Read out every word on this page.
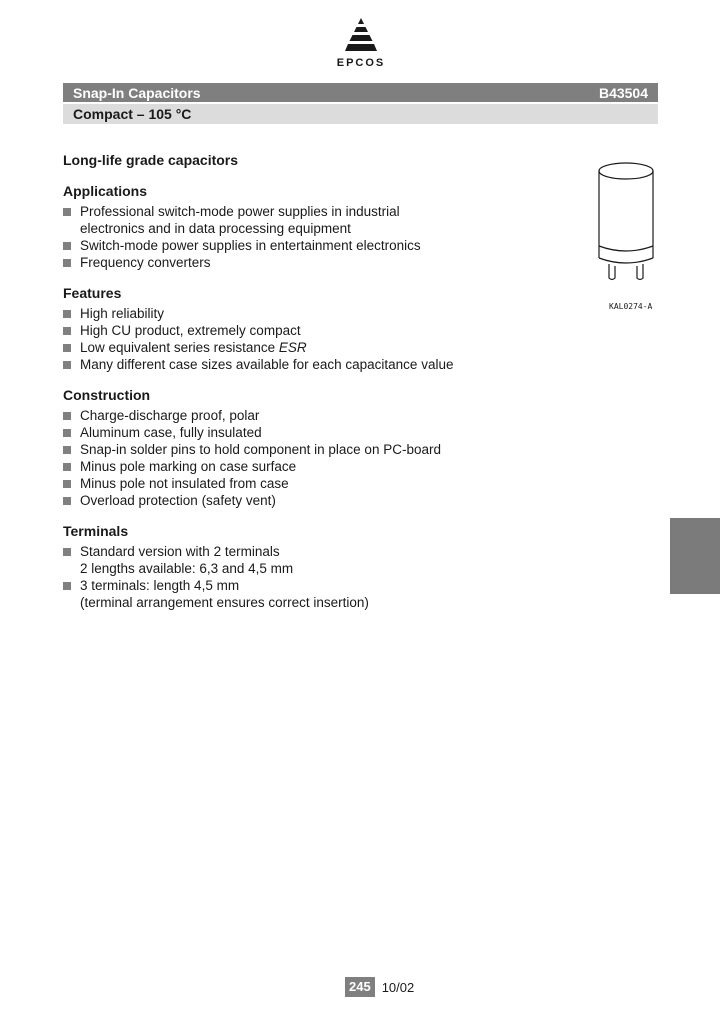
EPCOS
Snap-In Capacitors	B43504
Compact – 105 °C
Long-life grade capacitors
Applications
Professional switch-mode power supplies in industrial
electronics and in data processing equipment
Switch-mode power supplies in entertainment electronics
Frequency converters
Features
High reliability
High CU product, extremely compact
Low equivalent series resistance ESR
Many different case sizes available for each capacitance value
Construction
Charge-discharge proof, polar
Aluminum case, fully insulated
Snap-in solder pins to hold component in place on PC-board
Minus pole marking on case surface
Minus pole not insulated from case
Overload protection (safety vent)
Terminals
Standard version with 2 terminals
2 lengths available: 6,3 and 4,5 mm
3 terminals: length 4,5 mm
(terminal arrangement ensures correct insertion)
KAL0274-A
245 10/02
